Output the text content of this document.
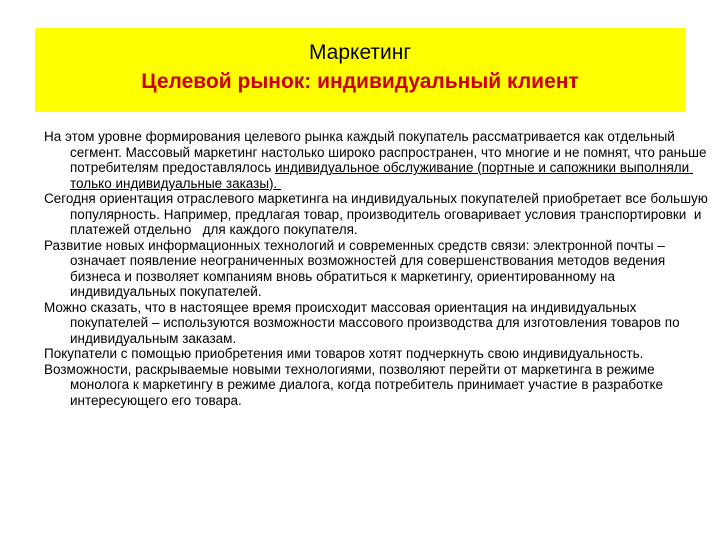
Маркетинг
Целевой рынок: индивидуальный клиент

На этом уровне формирования целевого рынка каждый покупатель рассматривается как отдельный сегмент. Массовый маркетинг настолько широко распространен, что многие и не помнят, что раньше потребителям предоставлялось индивидуальное обслуживание (портные и сапожники выполняли только индивидуальные заказы).

Сегодня ориентация отраслевого маркетинга на индивидуальных покупателей приобретает все большую популярность. Например, предлагая товар, производитель оговаривает условия транспортировки  и платежей отдельно   для каждого покупателя.

Развитие новых информационных технологий и современных средств связи: электронной почты – означает появление неограниченных возможностей для совершенствования методов ведения бизнеса и позволяет компаниям вновь обратиться к маркетингу, ориентированному на индивидуальных покупателей.

Можно сказать, что в настоящее время происходит массовая ориентация на индивидуальных покупателей – используются возможности массового производства для изготовления товаров по  индивидуальным заказам.

Покупатели с помощью приобретения ими товаров хотят подчеркнуть свою индивидуальность.

Возможности, раскрываемые новыми технологиями, позволяют перейти от маркетинга в режиме монолога к маркетингу в режиме диалога, когда потребитель принимает участие в разработке интересующего его товара.
